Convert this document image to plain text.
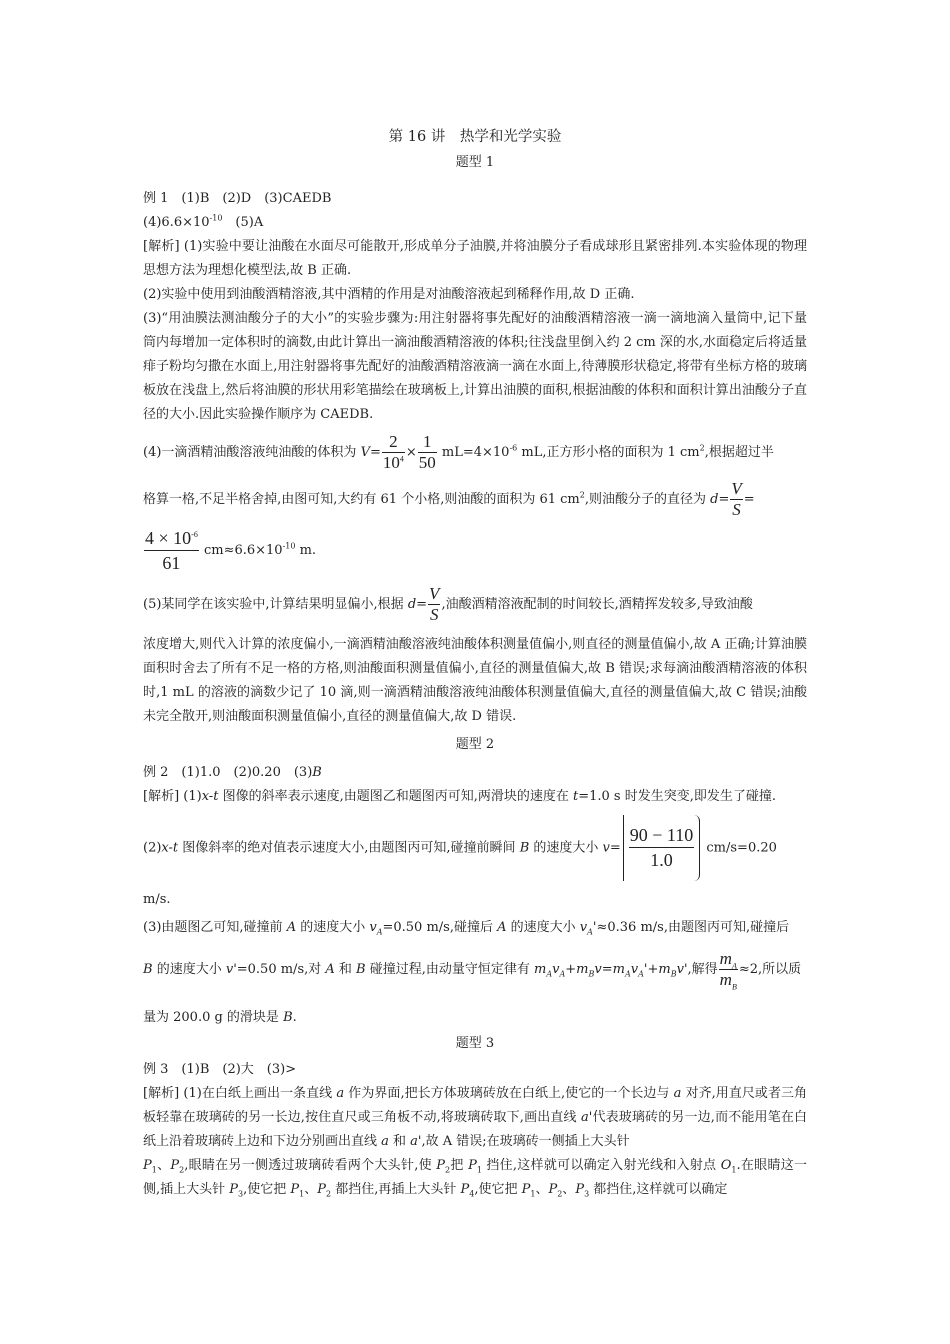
第 16 讲　热学和光学实验
题型 1

例 1　(1)B　(2)D　(3)CAEDB

$(4)6.6\times 10^{-10}$　(5)A

[解析] (1)实验中要让油酸在水面尽可能散开,形成单分子油膜,并将油膜分子看成球形且紧密排列.本实验体现的物理思想方法为理想化模型法,故 B 正确.

(2)实验中使用到油酸酒精溶液,其中酒精的作用是对油酸溶液起到稀释作用,故 D 正确.

(3)“用油膜法测油酸分子的大小”的实验步骤为:用注射器将事先配好的油酸酒精溶液一滴一滴地滴入量筒中,记下量筒内每增加一定体积时的滴数,由此计算出一滴油酸酒精溶液的体积;往浅盘里倒入约 2 cm 深的水,水面稳定后将适量痱子粉均匀撒在水面上,用注射器将事先配好的油酸酒精溶液滴一滴在水面上,待薄膜形状稳定,将带有坐标方格的玻璃板放在浅盘上,然后将油膜的形状用彩笔描绘在玻璃板上,计算出油膜的面积,根据油酸的体积和面积计算出油酸分子直径的大小.因此实验操作顺序为 CAEDB.

(4)一滴酒精油酸溶液纯油酸的体积为 $V= \frac{2}{10^4} \times \frac{1}{50} mL=4\times 10^{-6}$ mL,正方形小格的面积为 1 $cm^2$,根据超过半

格算一格,不足半格舍掉,由图可知,大约有 61 个小格,则油酸的面积为 61 $cm^2$,则油酸分子的直径为 $d= \frac{V}{S}$ =

$\frac{4 \times 10^{-6}}{61} cm\approx 6.6\times 10^{-10}$ m.

(5)某同学在该实验中,计算结果明显偏小,根据 $d= \frac{V}{S}$ ,油酸酒精溶液配制的时间较长,酒精挥发较多,导致油酸

浓度增大,则代入计算的浓度偏小,一滴酒精油酸溶液纯油酸体积测量值偏小,则直径的测量值偏小,故 A 正确;计算油膜面积时舍去了所有不足一格的方格,则油酸面积测量值偏小,直径的测量值偏大,故 B 错误;求每滴油酸酒精溶液的体积时,1 mL 的溶液的滴数少记了 10 滴,则一滴酒精油酸溶液纯油酸体积测量值偏大,直径的测量值偏大,故 C 错误;油酸未完全散开,则油酸面积测量值偏小,直径的测量值偏大,故 D 错误.

题型 2

例 2　(1)1.0　(2)0.20　(3)B

[解析] (1)x-t 图像的斜率表示速度,由题图乙和题图丙可知,两滑块的速度在 t=1.0 s 时发生突变,即发生了碰撞.

(2)x-t 图像斜率的绝对值表示速度大小,由题图丙可知,碰撞前瞬间 B 的速度大小 $v= \frac{90 - 110}{1.0} cm/s=0.20$

m/s.

(3)由题图乙可知,碰撞前 A 的速度大小 $v_A=0.50$ m/s,碰撞后 A 的速度大小 $v_A'\approx 0.36$ m/s,由题图丙可知,碰撞后

B 的速度大小 v'=0.50 m/s,对 A 和 B 碰撞过程,由动量守恒定律有 $m_Av_A+m_Bv=m_Av_A'+m_Bv'$,解得 $\frac{m_A}{m_B} \approx 2$,所以质

量为 200.0 g 的滑块是 B.

题型 3

例 3　(1)B　(2)大　(3)>

[解析] (1)在白纸上画出一条直线 a 作为界面,把长方体玻璃砖放在白纸上,使它的一个长边与 a 对齐,用直尺或者三角板轻靠在玻璃砖的另一长边,按住直尺或三角板不动,将玻璃砖取下,画出直线 a'代表玻璃砖的另一边,而不能用笔在白纸上沿着玻璃砖上边和下边分别画出直线 a 和 a',故 A 错误;在玻璃砖一侧插上大头针

$P_1$、$P_2$,眼睛在另一侧透过玻璃砖看两个大头针,使 $P_2$把 $P_1$ 挡住,这样就可以确定入射光线和入射点 $O_1$.在眼睛这一侧,插上大头针 $P_3$,使它把 $P_1$、$P_2$ 都挡住,再插上大头针 $P_4$,使它把 $P_1$、$P_2$、$P_3$ 都挡住,这样就可以确定
